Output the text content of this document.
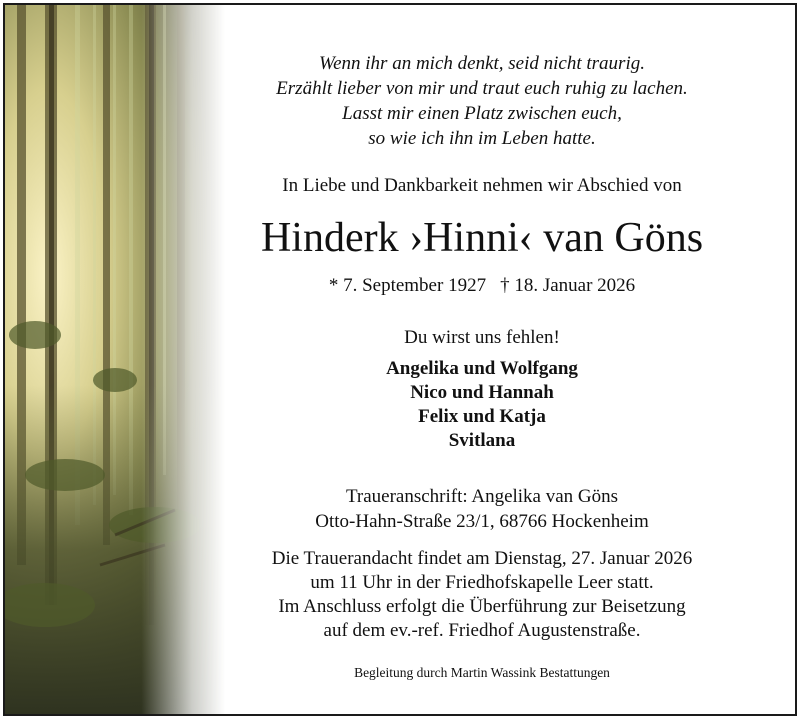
Wenn ihr an mich denkt, seid nicht traurig.
Erzählt lieber von mir und traut euch ruhig zu lachen.
Lasst mir einen Platz zwischen euch,
so wie ich ihn im Leben hatte.
In Liebe und Dankbarkeit nehmen wir Abschied von
Hinderk ›Hinni‹ van Göns
* 7. September 1927 † 18. Januar 2026
Du wirst uns fehlen!
Angelika und Wolfgang
Nico und Hannah
Felix und Katja
Svitlana
Traueranschrift: Angelika van Göns
Otto-Hahn-Straße 23/1, 68766 Hockenheim
Die Trauerandacht findet am Dienstag, 27. Januar 2026
um 11 Uhr in der Friedhofskapelle Leer statt.
Im Anschluss erfolgt die Überführung zur Beisetzung
auf dem ev.-ref. Friedhof Augustenstraße.
Begleitung durch Martin Wassink Bestattungen
